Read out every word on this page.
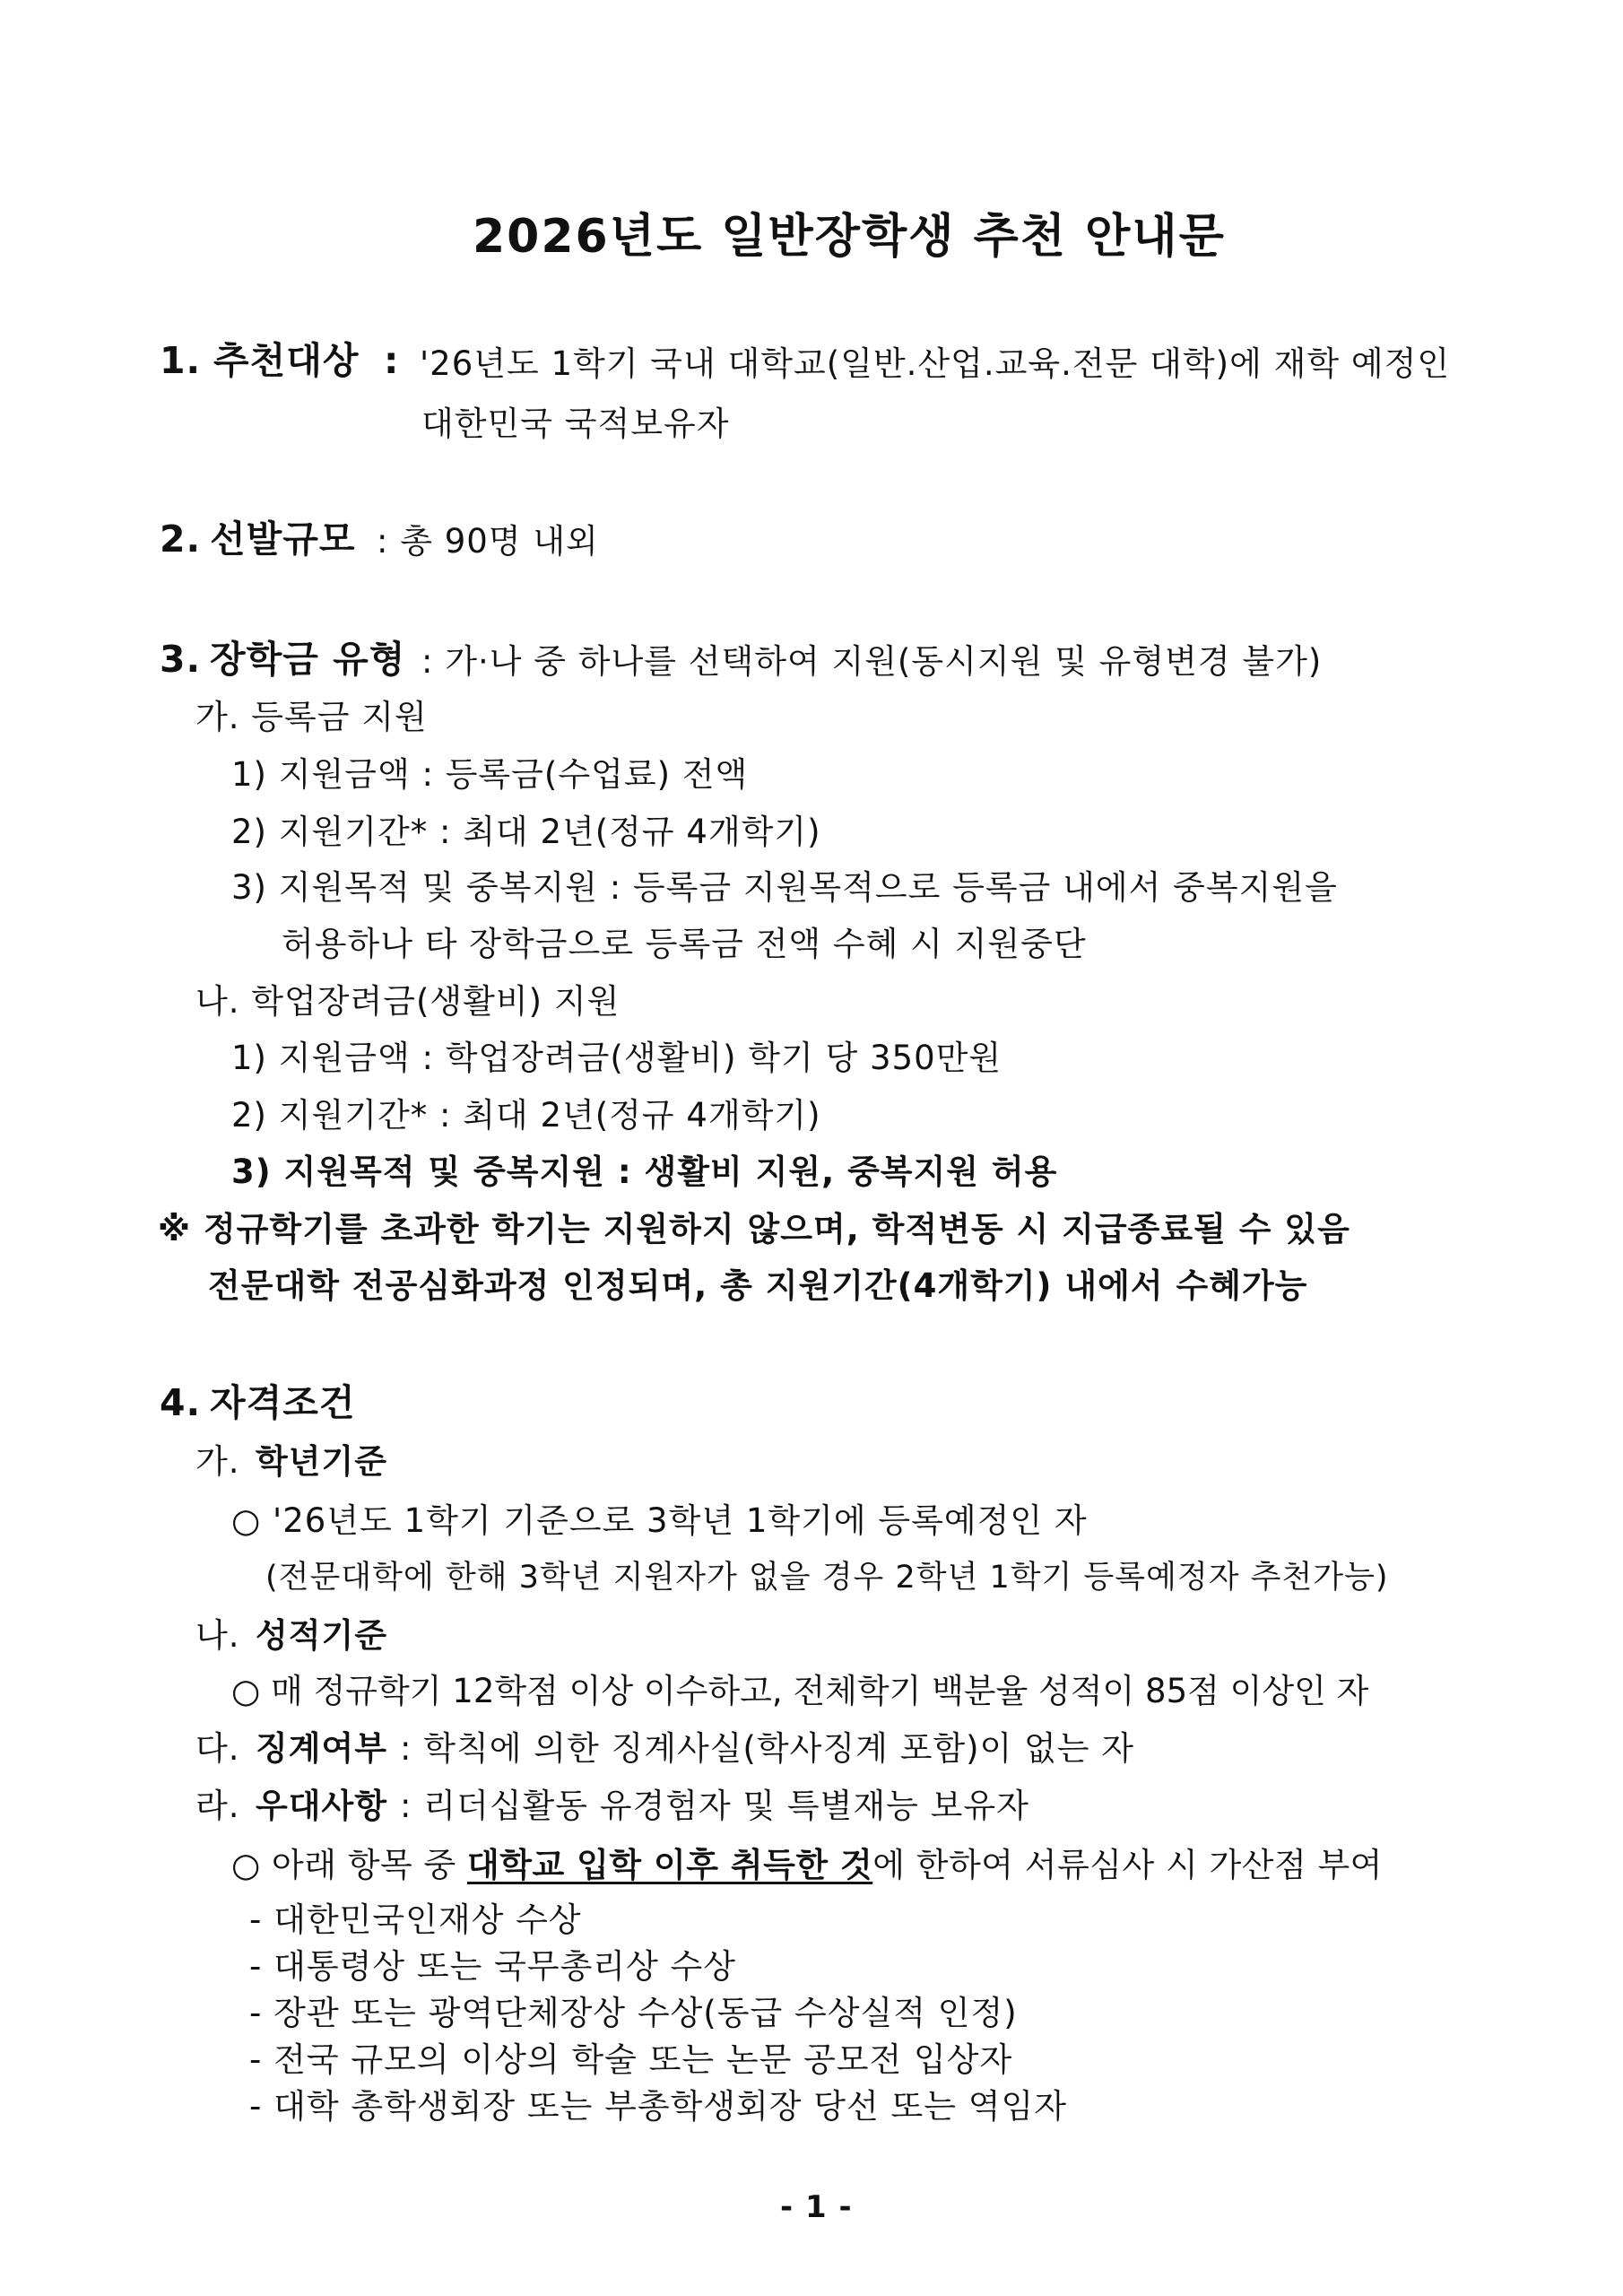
2026년도 일반장학생 추천 안내문
1. 추천대상 : '26년도 1학기 국내 대학교(일반.산업.교육.전문 대학)에 재학 예정인
대한민국 국적보유자
2. 선발규모 : 총 90명 내외
3. 장학금 유형 : 가·나 중 하나를 선택하여 지원(동시지원 및 유형변경 불가)
가. 등록금 지원
1) 지원금액 : 등록금(수업료) 전액
2) 지원기간* : 최대 2년(정규 4개학기)
3) 지원목적 및 중복지원 : 등록금 지원목적으로 등록금 내에서 중복지원을
허용하나 타 장학금으로 등록금 전액 수혜 시 지원중단
나. 학업장려금(생활비) 지원
1) 지원금액 : 학업장려금(생활비) 학기 당 350만원
2) 지원기간* : 최대 2년(정규 4개학기)
3) 지원목적 및 중복지원 : 생활비 지원, 중복지원 허용
※ 정규학기를 초과한 학기는 지원하지 않으며, 학적변동 시 지급종료될 수 있음
전문대학 전공심화과정 인정되며, 총 지원기간(4개학기) 내에서 수혜가능
4. 자격조건
가. 학년기준
○ '26년도 1학기 기준으로 3학년 1학기에 등록예정인 자
(전문대학에 한해 3학년 지원자가 없을 경우 2학년 1학기 등록예정자 추천가능)
나. 성적기준
○ 매 정규학기 12학점 이상 이수하고, 전체학기 백분율 성적이 85점 이상인 자
다. 징계여부 : 학칙에 의한 징계사실(학사징계 포함)이 없는 자
라. 우대사항 : 리더십활동 유경험자 및 특별재능 보유자
○ 아래 항목 중 대학교 입학 이후 취득한 것에 한하여 서류심사 시 가산점 부여
- 대한민국인재상 수상
- 대통령상 또는 국무총리상 수상
- 장관 또는 광역단체장상 수상(동급 수상실적 인정)
- 전국 규모의 이상의 학술 또는 논문 공모전 입상자
- 대학 총학생회장 또는 부총학생회장 당선 또는 역임자
- 1 -
